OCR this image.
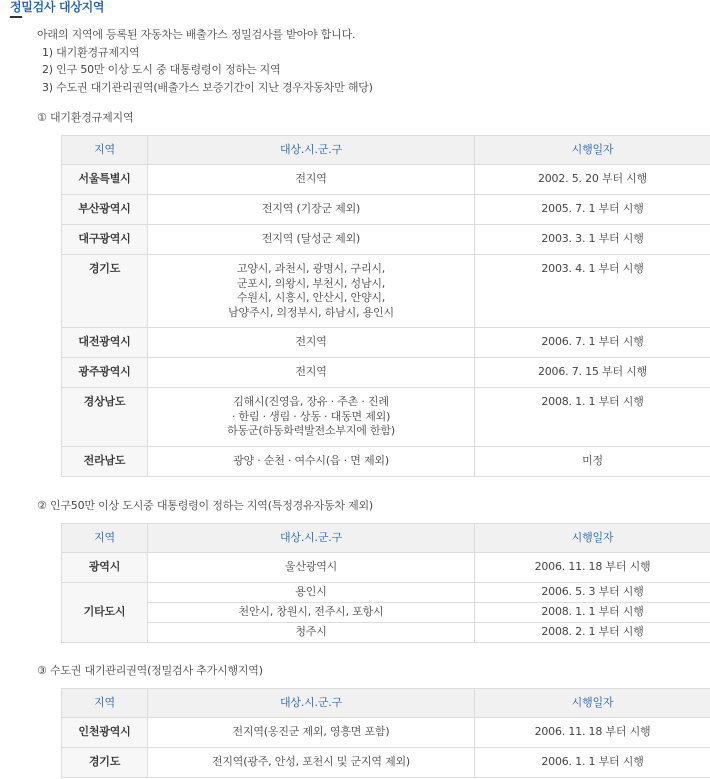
정밀검사 대상지역
아래의 지역에 등록된 자동차는 배출가스 정밀검사를 받아야 합니다.
1) 대기환경규제지역
2) 인구 50만 이상 도시 중 대통령령이 정하는 지역
3) 수도권 대기관리권역(배출가스 보증기간이 지난 경우자동차만 해당)
① 대기환경규제지역
지역	대상.시.군.구	시행일자
서울특별시	전지역	2002. 5. 20 부터 시행
부산광역시	전지역 (기장군 제외)	2005. 7. 1 부터 시행
대구광역시	전지역 (달성군 제외)	2003. 3. 1 부터 시행
경기도	고양시, 과천시, 광명시, 구리시,
군포시, 의왕시, 부천시, 성남시,
수원시, 시흥시, 안산시, 안양시,
남양주시, 의정부시, 하남시, 용인시	2003. 4. 1 부터 시행
대전광역시	전지역	2006. 7. 1 부터 시행
광주광역시	전지역	2006. 7. 15 부터 시행
경상남도	김해시(진영읍, 장유 · 주촌 · 진례
· 한림 · 생림 · 상동 · 대동면 제외)
하동군(하동화력발전소부지에 한함)	2008. 1. 1 부터 시행
전라남도	광양 · 순천 · 여수시(읍 · 면 제외)	미정
② 인구50만 이상 도시중 대통령령이 정하는 지역(특정경유자동차 제외)
지역	대상.시.군.구	시행일자
광역시	울산광역시	2006. 11. 18 부터 시행
기타도시	용인시	2006. 5. 3 부터 시행
	천안시, 창원시, 전주시, 포항시	2008. 1. 1 부터 시행
	청주시	2008. 2. 1 부터 시행
③ 수도권 대기관리권역(정밀검사 추가시행지역)
지역	대상.시.군.구	시행일자
인천광역시	전지역(옹진군 제외, 영흥면 포함)	2006. 11. 18 부터 시행
경기도	전지역(광주, 안성, 포천시 및 군지역 제외)	2006. 1. 1 부터 시행
